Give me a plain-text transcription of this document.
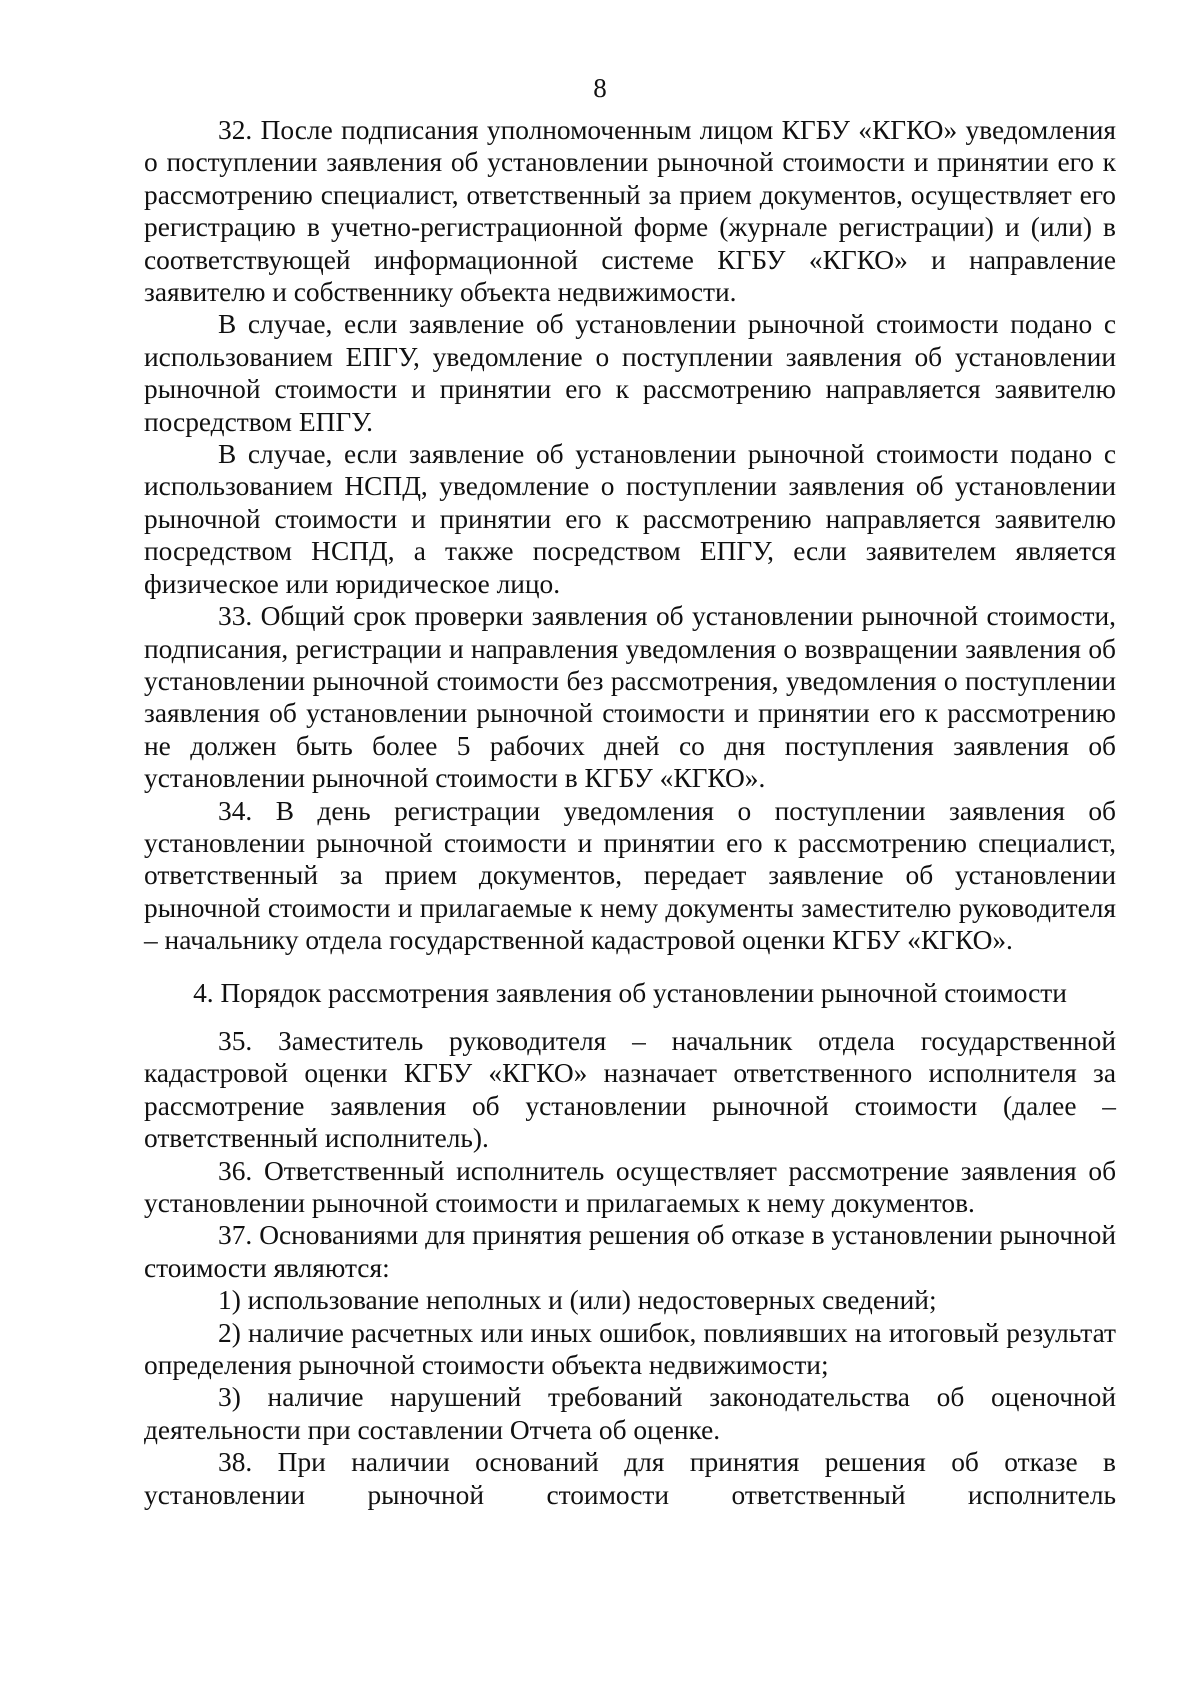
8

32. После подписания уполномоченным лицом КГБУ «КГКО» уведомления о поступлении заявления об установлении рыночной стоимости и принятии его к рассмотрению специалист, ответственный за прием документов, осуществляет его регистрацию в учетно-регистрационной форме (журнале регистрации) и (или) в соответствующей информационной системе КГБУ «КГКО» и направление заявителю и собственнику объекта недвижимости.

В случае, если заявление об установлении рыночной стоимости подано с использованием ЕПГУ, уведомление о поступлении заявления об установлении рыночной стоимости и принятии его к рассмотрению направляется заявителю посредством ЕПГУ.

В случае, если заявление об установлении рыночной стоимости подано с использованием НСПД, уведомление о поступлении заявления об установлении рыночной стоимости и принятии его к рассмотрению направляется заявителю посредством НСПД, а также посредством ЕПГУ, если заявителем является физическое или юридическое лицо.

33. Общий срок проверки заявления об установлении рыночной стоимости, подписания, регистрации и направления уведомления о возвращении заявления об установлении рыночной стоимости без рассмотрения, уведомления о поступлении заявления об установлении рыночной стоимости и принятии его к рассмотрению не должен быть более 5 рабочих дней со дня поступления заявления об установлении рыночной стоимости в КГБУ «КГКО».

34. В день регистрации уведомления о поступлении заявления об установлении рыночной стоимости и принятии его к рассмотрению специалист, ответственный за прием документов, передает заявление об установлении рыночной стоимости и прилагаемые к нему документы заместителю руководителя – начальнику отдела государственной кадастровой оценки КГБУ «КГКО».

4. Порядок рассмотрения заявления об установлении рыночной стоимости

35. Заместитель руководителя – начальник отдела государственной кадастровой оценки КГБУ «КГКО» назначает ответственного исполнителя за рассмотрение заявления об установлении рыночной стоимости (далее – ответственный исполнитель).

36. Ответственный исполнитель осуществляет рассмотрение заявления об установлении рыночной стоимости и прилагаемых к нему документов.

37. Основаниями для принятия решения об отказе в установлении рыночной стоимости являются:

1) использование неполных и (или) недостоверных сведений;

2) наличие расчетных или иных ошибок, повлиявших на итоговый результат определения рыночной стоимости объекта недвижимости;

3) наличие нарушений требований законодательства об оценочной деятельности при составлении Отчета об оценке.

38. При наличии оснований для принятия решения об отказе в установлении рыночной стоимости ответственный исполнитель
